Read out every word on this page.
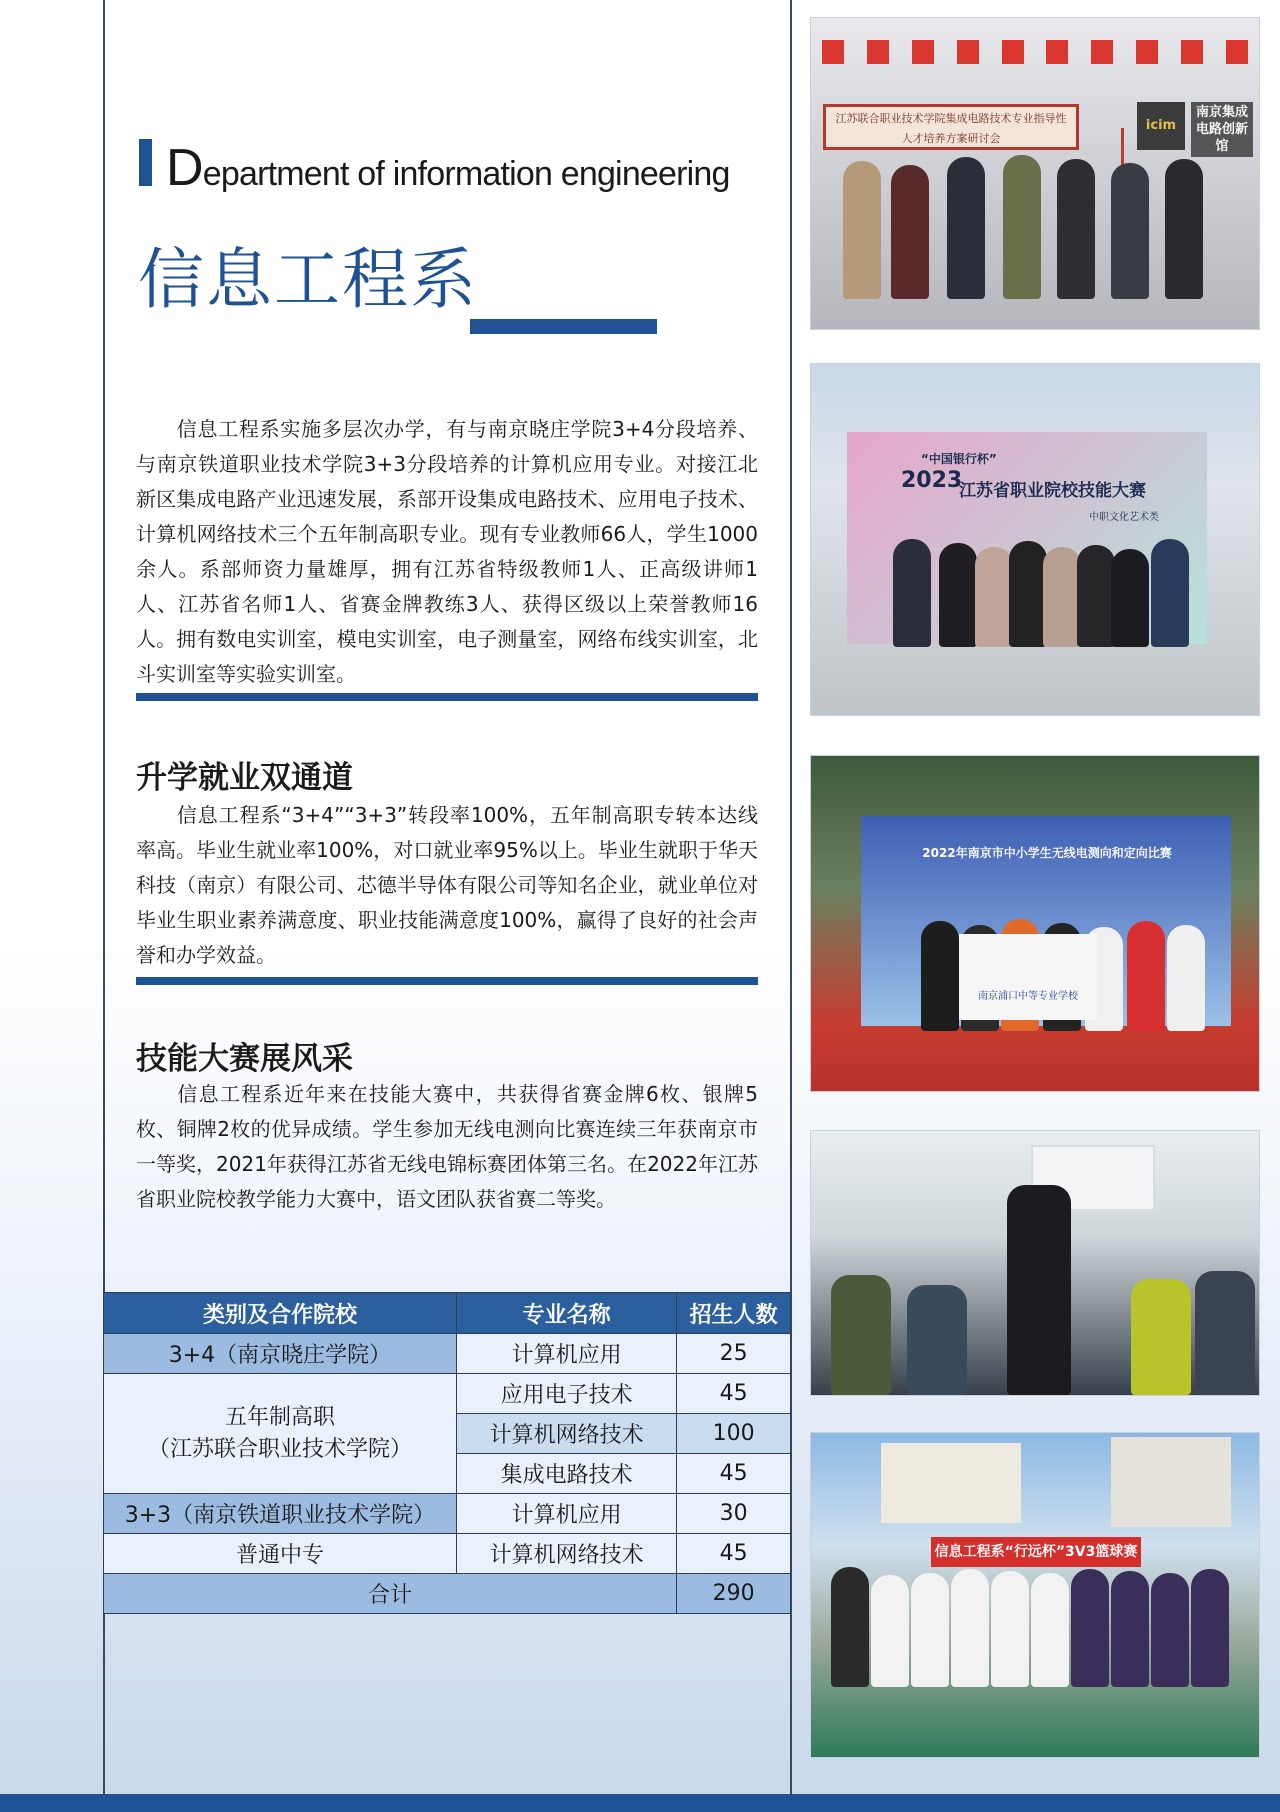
Department of information engineering
信息工程系

信息工程系实施多层次办学，有与南京晓庄学院3+4分段培养、与南京铁道职业技术学院3+3分段培养的计算机应用专业。对接江北新区集成电路产业迅速发展，系部开设集成电路技术、应用电子技术、计算机网络技术三个五年制高职专业。现有专业教师66人，学生1000余人。系部师资力量雄厚，拥有江苏省特级教师1人、正高级讲师1人、江苏省名师1人、省赛金牌教练3人、获得区级以上荣誉教师16人。拥有数电实训室，模电实训室，电子测量室，网络布线实训室，北斗实训室等实验实训室。

升学就业双通道

信息工程系“3+4”“3+3”转段率100%，五年制高职专转本达线率高。毕业生就业率100%，对口就业率95%以上。毕业生就职于华天科技（南京）有限公司、芯德半导体有限公司等知名企业，就业单位对毕业生职业素养满意度、职业技能满意度100%，赢得了良好的社会声誉和办学效益。

技能大赛展风采

信息工程系近年来在技能大赛中，共获得省赛金牌6枚、银牌5枚、铜牌2枚的优异成绩。学生参加无线电测向比赛连续三年获南京市一等奖，2021年获得江苏省无线电锦标赛团体第三名。在2022年江苏省职业院校教学能力大赛中，语文团队获省赛二等奖。

类别及合作院校	专业名称	招生人数
3+4（南京晓庄学院）	计算机应用	25

五年制高职
（江苏联合职业技术学院）	应用电子技术	45
	计算机网络技术	100
	集成电路技术	45
3+3（南京铁道职业技术学院）	计算机应用	30
普通中专	计算机网络技术	45
合计		290
江苏联合职业技术学院集成电路技术专业指导性人才培养方案研讨会
icim
南京集成电路创新馆
“中国银行杯”
2023
江苏省职业院校技能大赛
中职文化艺术类
2022年南京市中小学生无线电测向和定向比赛
南京浦口中等专业学校
信息工程系“行远杯”3V3篮球赛
